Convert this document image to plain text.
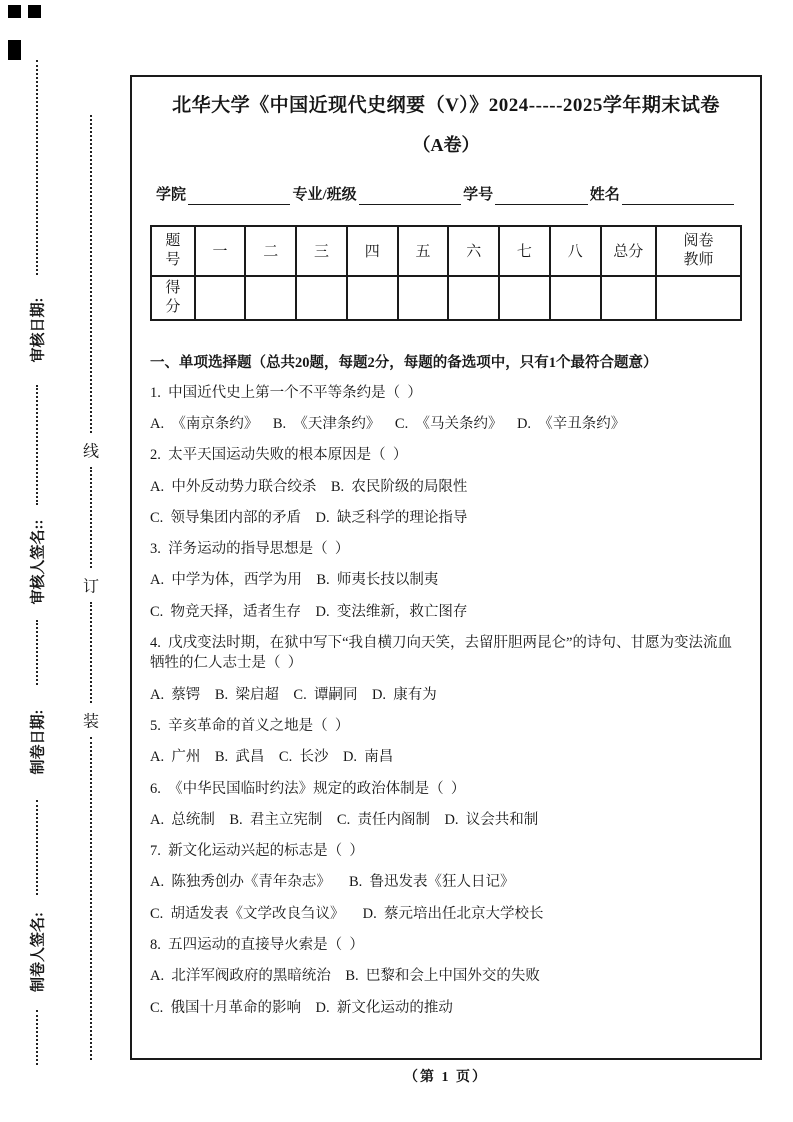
审核日期:
审核人签名::
制卷日期:
制卷人签名:
线
订
装
北华大学《中国近现代史纲要（V）》2024-----2025学年期末试卷
（A卷）
学院	专业/班级	学号	姓名
题号	一	二	三	四	五	六	七	八	总分	阅卷教师

得分										

一、单项选择题（总共20题，每题2分，每题的备选项中，只有1个最符合题意）
1.  中国近代史上第一个不平等条约是（  ）
A.  《南京条约》    B.  《天津条约》    C.  《马关条约》    D.  《辛丑条约》
2.  太平天国运动失败的根本原因是（  ）
A.  中外反动势力联合绞杀    B.  农民阶级的局限性
C.  领导集团内部的矛盾    D.  缺乏科学的理论指导
3.  洋务运动的指导思想是（  ）
A.  中学为体，西学为用    B.  师夷长技以制夷
C.  物竞天择，适者生存    D.  变法维新，救亡图存
4.  戊戌变法时期，在狱中写下“我自横刀向天笑，去留肝胆两昆仑”的诗句、甘愿为变法流血牺牲的仁人志士是（  ）
A.  蔡锷    B.  梁启超    C.  谭嗣同    D.  康有为
5.  辛亥革命的首义之地是（  ）
A.  广州    B.  武昌    C.  长沙    D.  南昌
6.  《中华民国临时约法》规定的政治体制是（  ）
A.  总统制    B.  君主立宪制    C.  责任内阁制    D.  议会共和制
7.  新文化运动兴起的标志是（  ）
A.  陈独秀创办《青年杂志》     B.  鲁迅发表《狂人日记》
C.  胡适发表《文学改良刍议》     D.  蔡元培出任北京大学校长
8.  五四运动的直接导火索是（  ）
A.  北洋军阀政府的黑暗统治    B.  巴黎和会上中国外交的失败
C.  俄国十月革命的影响    D.  新文化运动的推动
（第 1 页）
